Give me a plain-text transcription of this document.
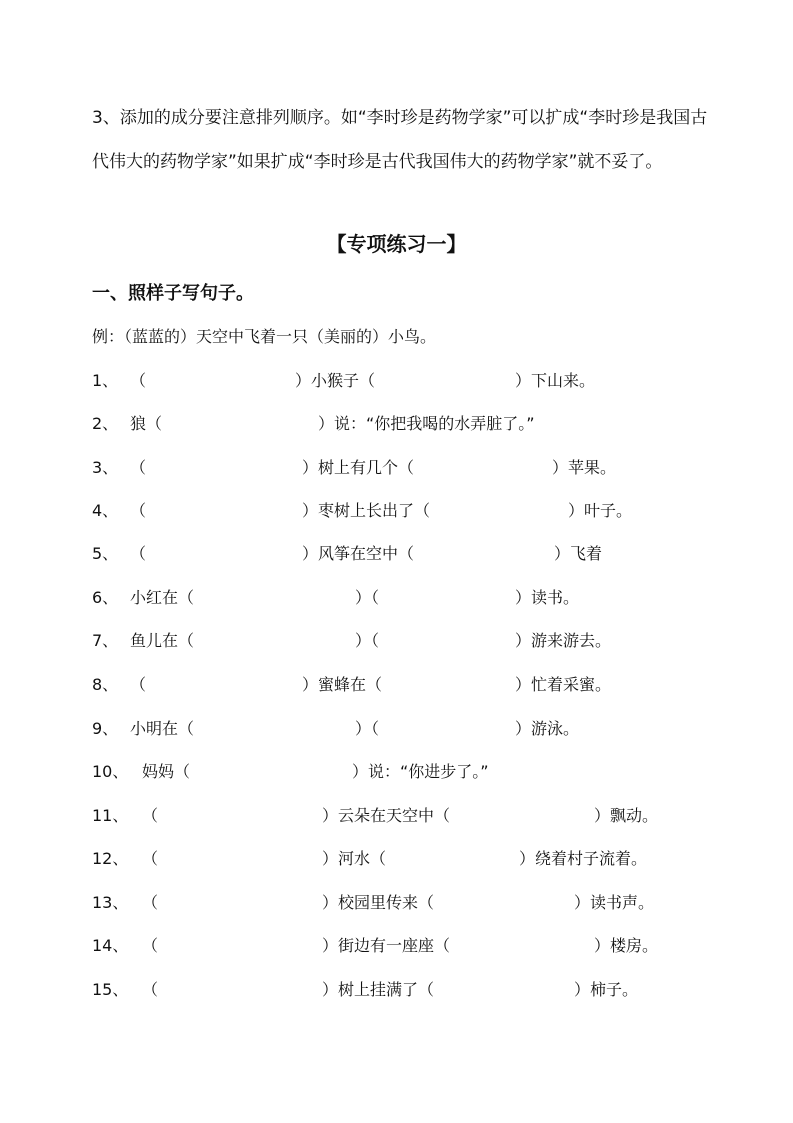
3、添加的成分要注意排列顺序。如“李时珍是药物学家”可以扩成“李时珍是我国古代伟大的药物学家”如果扩成“李时珍是古代我国伟大的药物学家”就不妥了。

【专项练习一】
一、照样子写句子。

例：（蓝蓝的）天空中飞着一只（美丽的）小鸟。

1、 （	）小猴子（	）下山来。
2、 狼（	）说：“你把我喝的水弄脏了。”
3、 （	）树上有几个（	）苹果。
4、 （	）枣树上长出了（	）叶子。
5、 （	）风筝在空中（	）飞着
6、 小红在（	）（	）读书。
7、 鱼儿在（	）（	）游来游去。
8、 （	）蜜蜂在（	）忙着采蜜。
9、 小明在（	）（	）游泳。
10、 妈妈（	）说：“你进步了。”
11、 （	）云朵在天空中（	）飘动。
12、 （	）河水（	）绕着村子流着。
13、 （	）校园里传来（	）读书声。
14、 （	）街边有一座座（	）楼房。
15、 （	）树上挂满了（	）柿子。
